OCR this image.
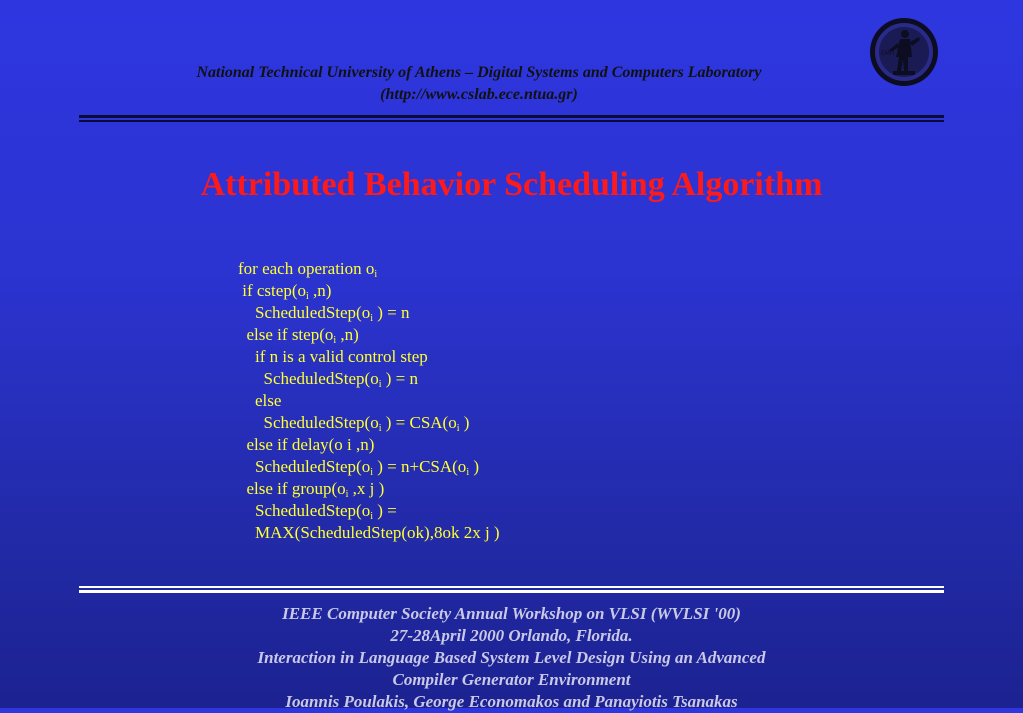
National Technical University of Athens – Digital Systems and Computers Laboratory
(http://www.cslab.ece.ntua.gr)
ΕΜΠ
Attributed Behavior Scheduling Algorithm
for each operation $o_i$
if $cstep(o_i$ ,n)
$ScheduledStep(o_i$ ) = n
else if $step(o_i$ ,n)
if n is a valid control step
$ScheduledStep(o_i$ ) = n
else
$ScheduledStep(o_i$ ) = $CSA(o_i$ )
else if delay(o i ,n)
$ScheduledStep(o_i$ ) = $n+CSA(o_i$ )
else if $group(o_i$ ,x j )
$ScheduledStep(o_i$ ) =
MAX(ScheduledStep(ok),8ok 2x j )
IEEE Computer Society Annual Workshop on VLSI (WVLSI '00)
27-28April 2000 Orlando, Florida.
Interaction in Language Based System Level Design Using an Advanced
Compiler Generator Environment
Ioannis Poulakis, George Economakos and Panayiotis Tsanakas
